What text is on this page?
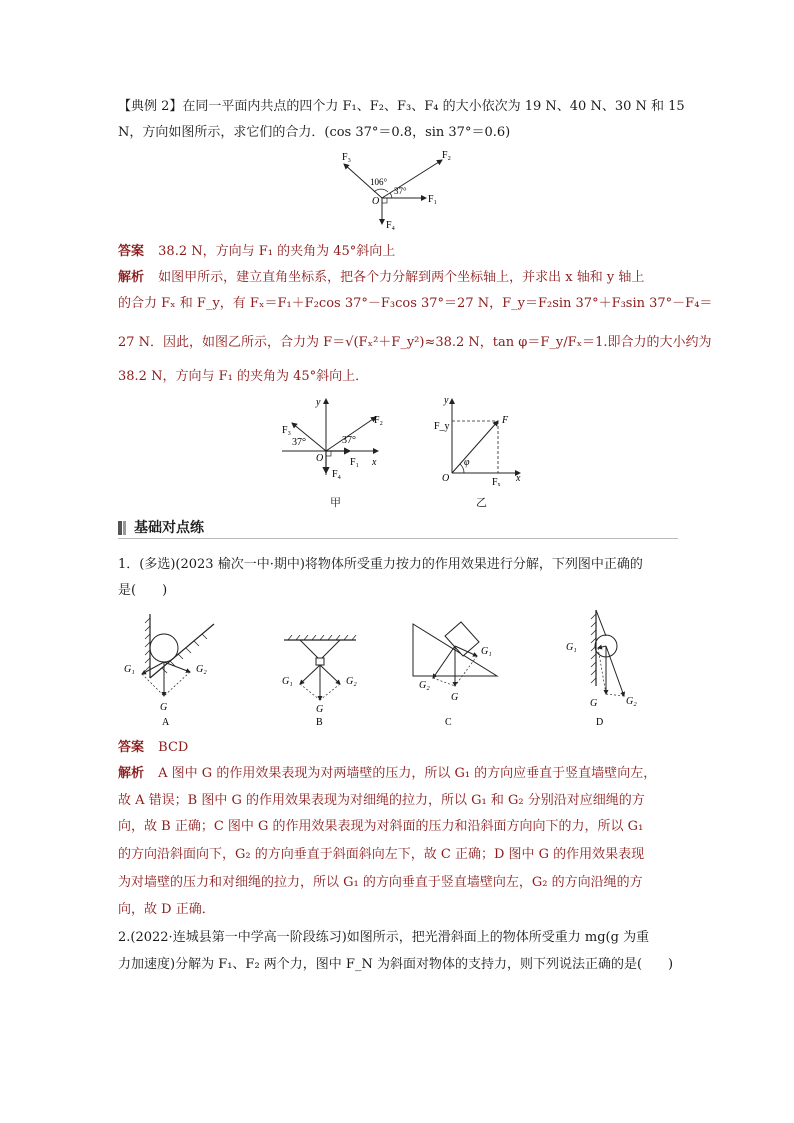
【典例 2】在同一平面内共点的四个力 F₁、F₂、F₃、F₄ 的大小依次为 19 N、40 N、30 N 和 15
N，方向如图所示，求它们的合力．(cos 37°＝0.8，sin 37°＝0.6)
F₃	F₂
106°
37°
O	F₁
F₄
答案 38.2 N，方向与 F₁ 的夹角为 45°斜向上
解析 如图甲所示，建立直角坐标系，把各个力分解到两个坐标轴上，并求出 x 轴和 y 轴上
的合力 Fₓ 和 F_y，有 Fₓ＝F₁＋F₂cos 37°－F₃cos 37°＝27 N，F_y＝F₂sin 37°＋F₃sin 37°－F₄＝
27 N．因此，如图乙所示，合力为 F＝√(Fₓ²＋F_y²)≈38.2 N，tan φ＝F_y/Fₓ＝1.即合力的大小约为
38.2 N，方向与 F₁ 的夹角为 45°斜向上．
y
F₃
F₂
37°	37°
O	F₁ x
F₄
甲
y
F_y
F
φ
O	Fₓ x
乙
基础对点练
1．(多选)(2023 榆次一中·期中)将物体所受重力按力的作用效果进行分解，下列图中正确的
是(　　)
G₁	G₂
G
A
G₁	G₂
G
B
G₁
G₂
G
C
G₁
G	G₂
D
答案 BCD
解析 A 图中 G 的作用效果表现为对两墙壁的压力，所以 G₁ 的方向应垂直于竖直墙壁向左，
故 A 错误；B 图中 G 的作用效果表现为对细绳的拉力，所以 G₁ 和 G₂ 分别沿对应细绳的方
向，故 B 正确；C 图中 G 的作用效果表现为对斜面的压力和沿斜面方向向下的力，所以 G₁
的方向沿斜面向下，G₂ 的方向垂直于斜面斜向左下，故 C 正确；D 图中 G 的作用效果表现
为对墙壁的压力和对细绳的拉力，所以 G₁ 的方向垂直于竖直墙壁向左，G₂ 的方向沿绳的方
向，故 D 正确．
2.(2022·连城县第一中学高一阶段练习)如图所示，把光滑斜面上的物体所受重力 mg(g 为重
力加速度)分解为 F₁、F₂ 两个力，图中 F_N 为斜面对物体的支持力，则下列说法正确的是(　　)
